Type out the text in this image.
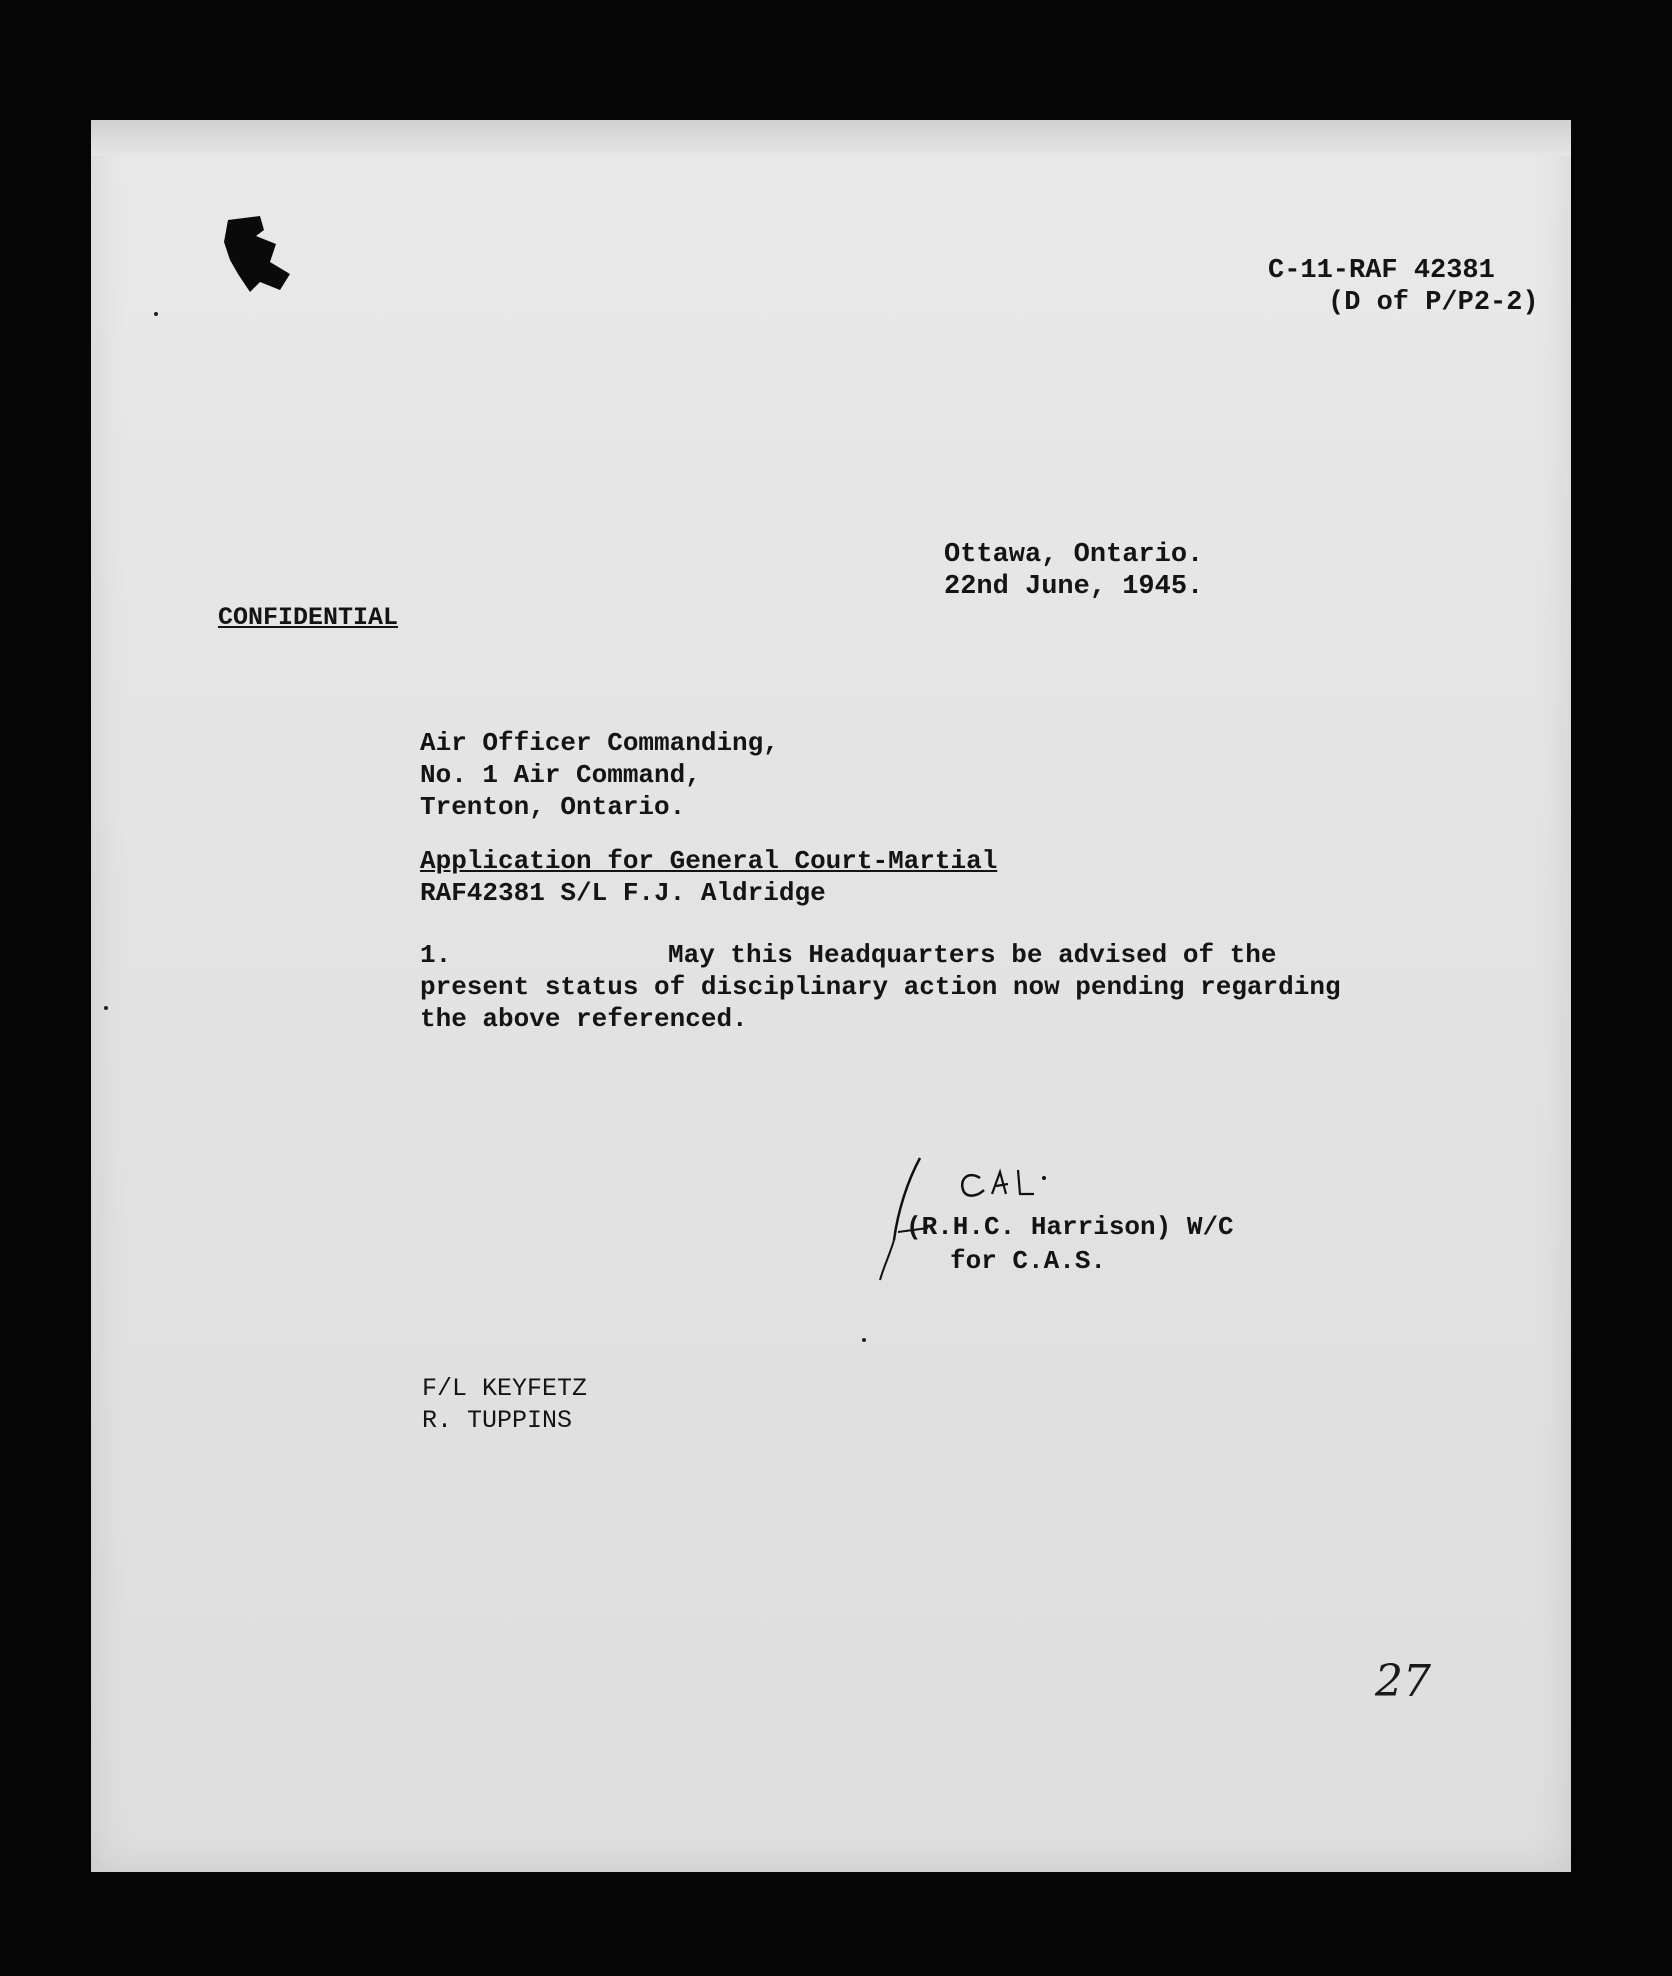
C-11-RAF 42381
(D of P/P2-2)
Ottawa, Ontario.
22nd June, 1945.
CONFIDENTIAL
Air Officer Commanding,
No. 1 Air Command,
Trenton, Ontario.
Application for General Court-Martial
RAF42381 S/L F.J. Aldridge
1.	May this Headquarters be advised of the
present status of disciplinary action now pending regarding
the above referenced.
(R.H.C. Harrison) W/C
for C.A.S.
F/L KEYFETZ
R. TUPPINS
27
